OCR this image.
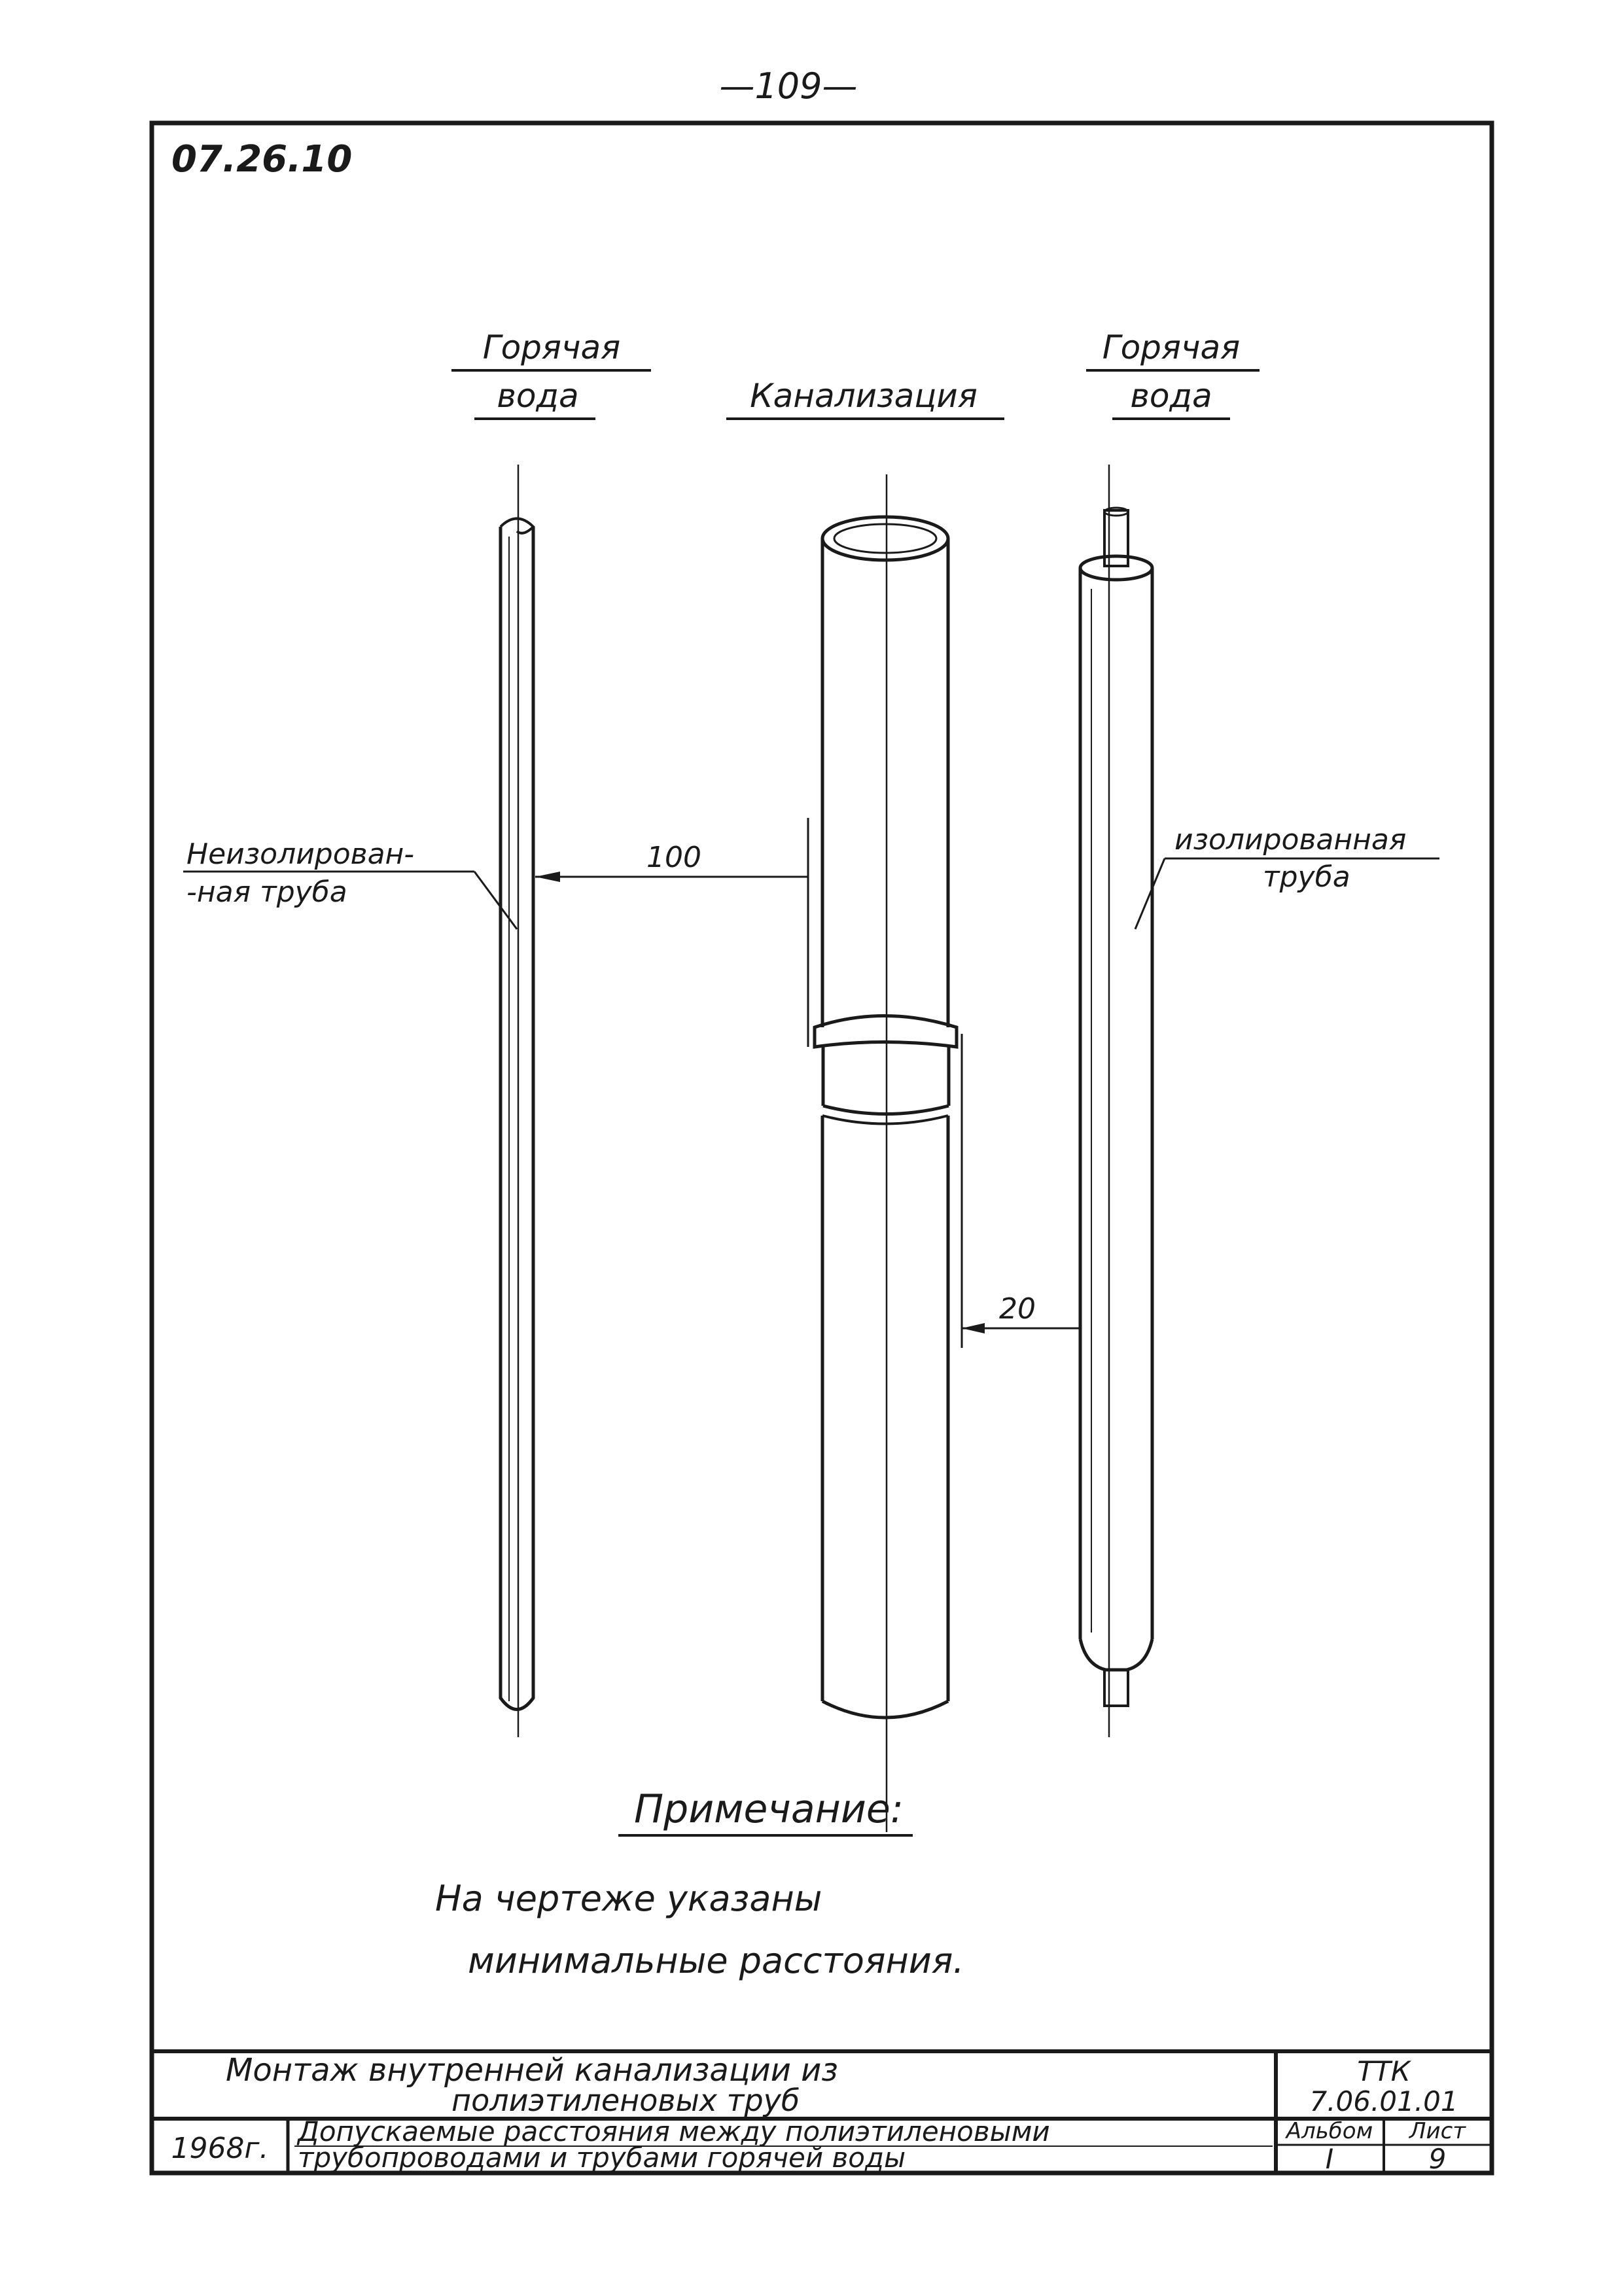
—109—
07.26.10
Горячая
вода	Канализация
Горячая
вода
100
20
Неизолирован-
-ная труба
изолированная
труба
Примечание:
На чертеже указаны
минимальные расстояния.
Монтаж внутренней канализации из
полиэтиленовых труб
ТТК
7.06.01.01
1968г.
Допускаемые расстояния между полиэтиленовыми
трубопроводами и трубами горячей воды
Альбом
I
Лист
9
